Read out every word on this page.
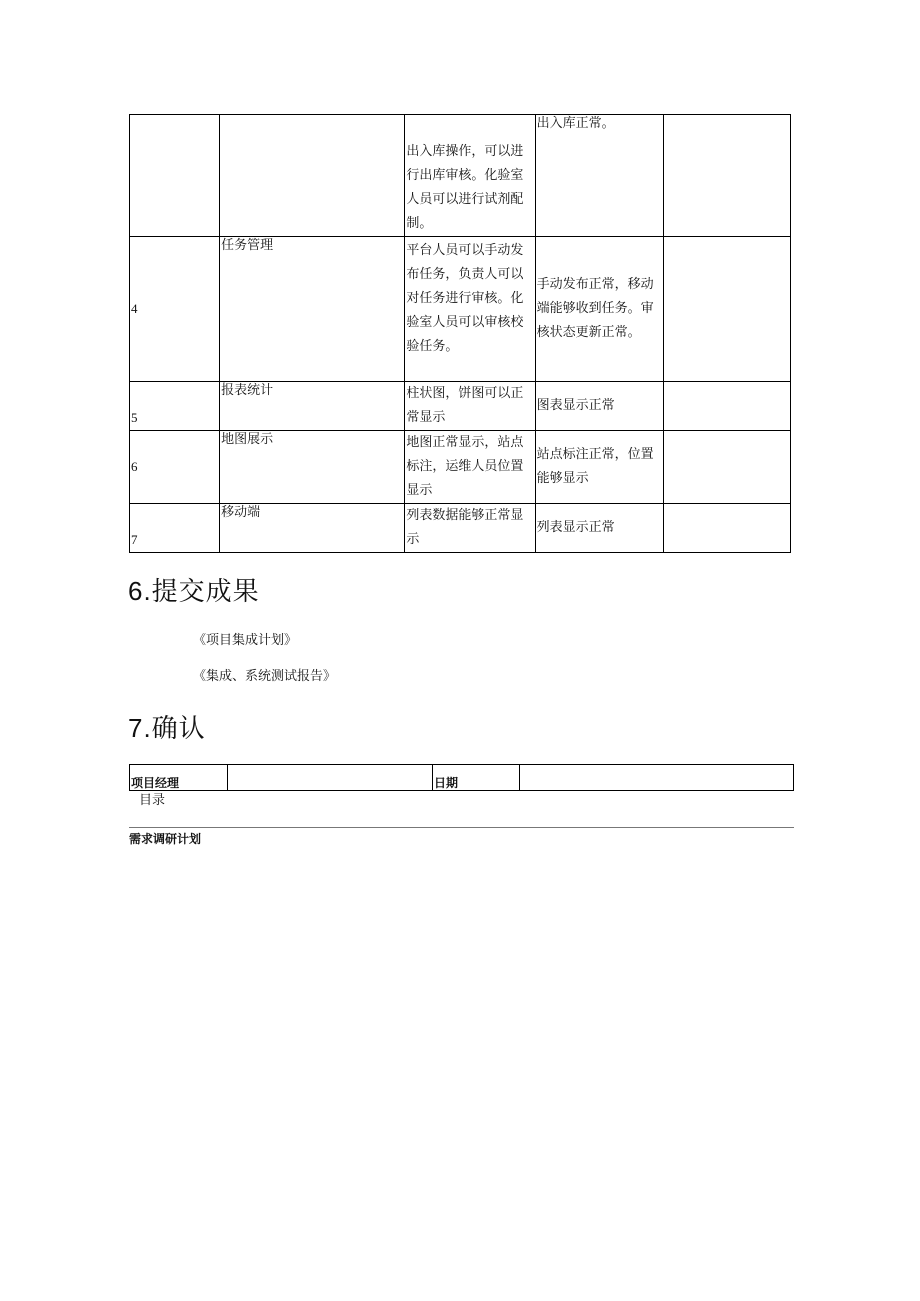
		出入库操作，可以进行出库审核。化验室人员可以进行试剂配制。	出入库正常。	
4	任务管理	平台人员可以手动发布任务，负责人可以对任务进行审核。化验室人员可以审核校验任务。	手动发布正常，移动端能够收到任务。审核状态更新正常。	
5	报表统计	柱状图，饼图可以正常显示	图表显示正常	
6	地图展示	地图正常显示，站点标注，运维人员位置显示	站点标注正常，位置能够显示	
7	移动端	列表数据能够正常显示	列表显示正常	
6.提交成果
《项目集成计划》
《集成、系统测试报告》
7.确认
项目经理		日期	
目录
需求调研计划
